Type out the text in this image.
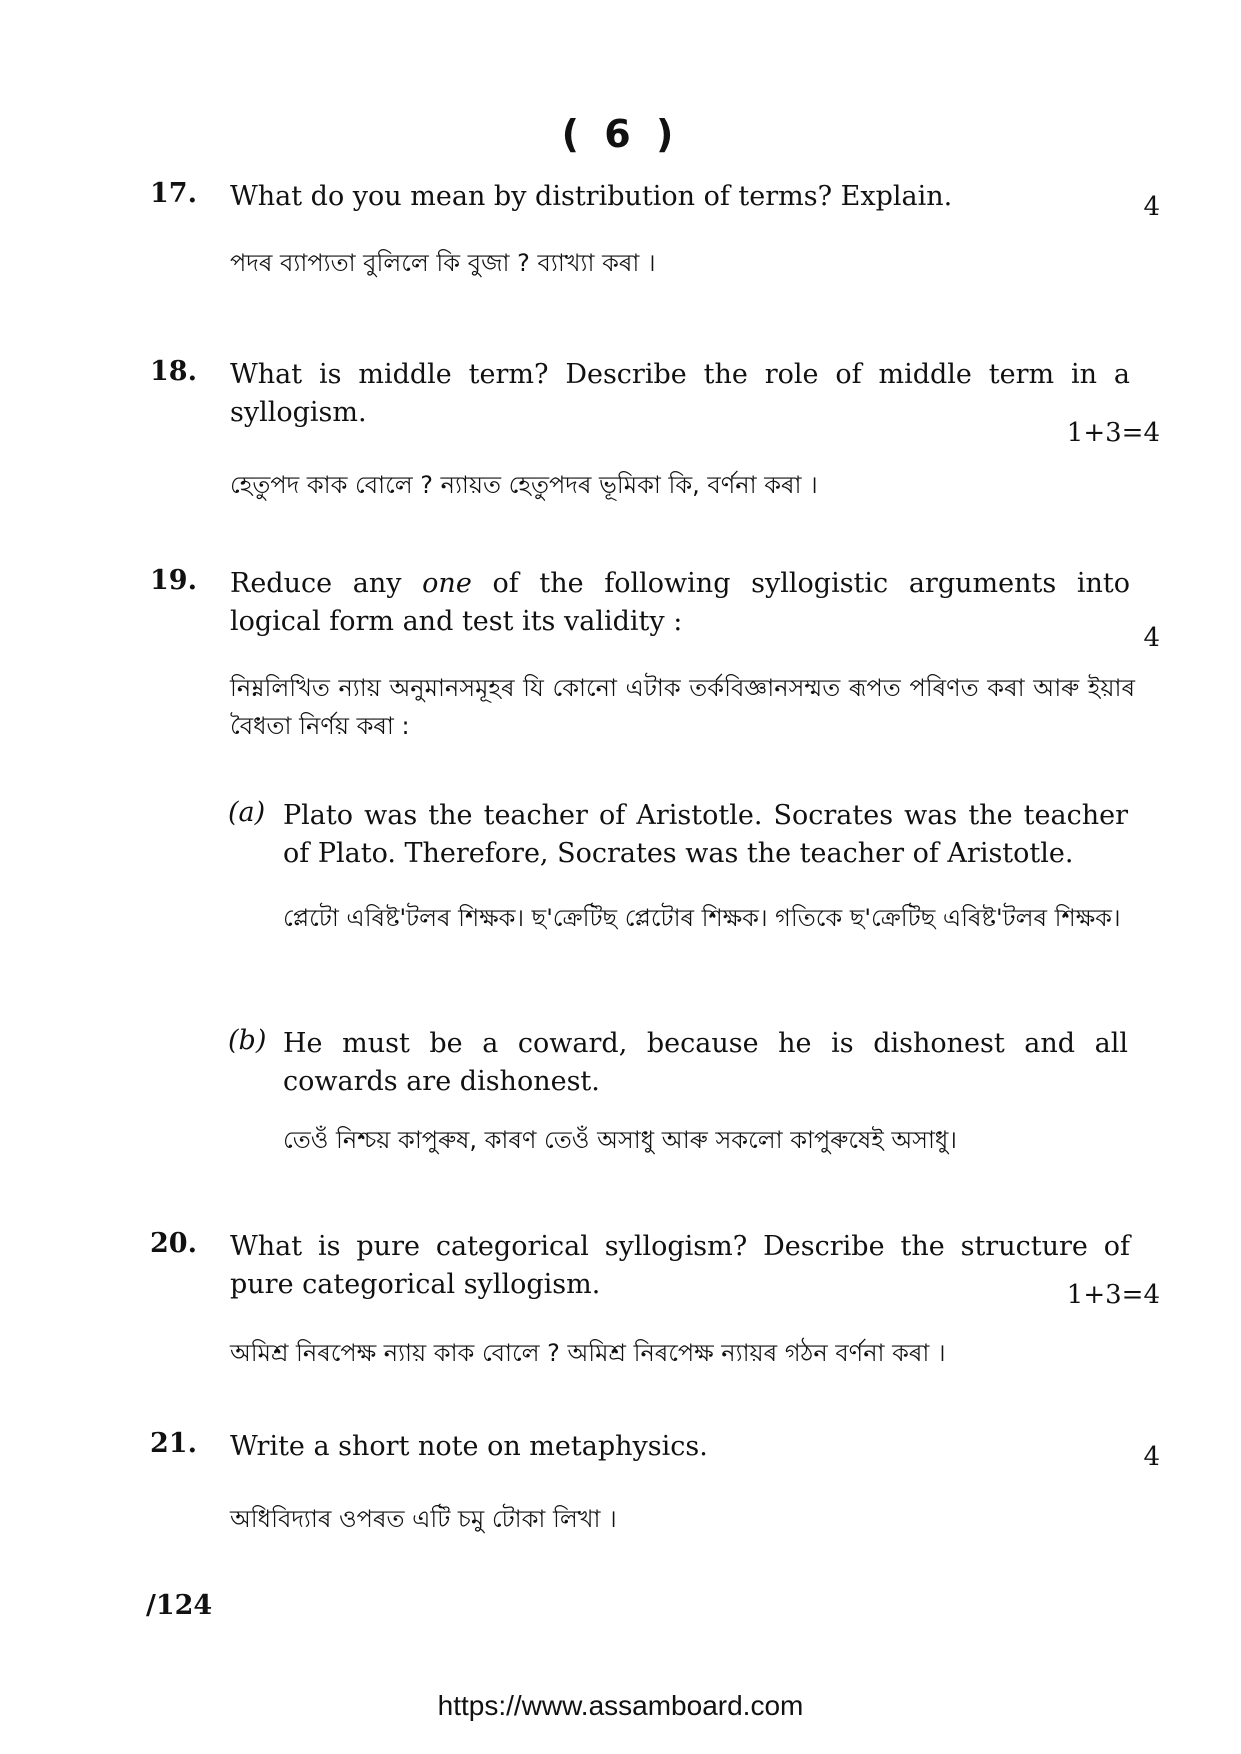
( 6 )
17. What do you mean by distribution of terms? Explain.	4
পদৰ ব্যাপ্যতা বুলিলে কি বুজা ? ব্যাখ্যা কৰা ।
18. What is middle term? Describe the role of middle term in a syllogism.
1+3=4
হেতুপদ কাক বোলে ? ন্যায়ত হেতুপদৰ ভূমিকা কি, বৰ্ণনা কৰা ।
19. Reduce any one of the following syllogistic arguments into logical form and test its validity :
4
নিম্নলিখিত ন্যায় অনুমানসমূহৰ যি কোনো এটাক তৰ্কবিজ্ঞানসম্মত ৰূপত পৰিণত কৰা আৰু ইয়াৰ বৈধতা নিৰ্ণয় কৰা :
(a) Plato was the teacher of Aristotle. Socrates was the teacher of Plato. Therefore, Socrates was the teacher of Aristotle.
প্লেটো এৰিষ্ট'টলৰ শিক্ষক। ছ'ক্ৰেটিছ প্লেটোৰ শিক্ষক। গতিকে ছ'ক্ৰেটিছ এৰিষ্ট'টলৰ শিক্ষক।
(b) He must be a coward, because he is dishonest and all cowards are dishonest.
তেওঁ নিশ্চয় কাপুৰুষ, কাৰণ তেওঁ অসাধু আৰু সকলো কাপুৰুষেই অসাধু।
20. What is pure categorical syllogism? Describe the structure of pure categorical syllogism.	1+3=4
অমিশ্ৰ নিৰপেক্ষ ন্যায় কাক বোলে ? অমিশ্ৰ নিৰপেক্ষ ন্যায়ৰ গঠন বৰ্ণনা কৰা ।
21. Write a short note on metaphysics.	4
অধিবিদ্যাৰ ওপৰত এটি চমু টোকা লিখা ।
/124
https://www.assamboard.com
